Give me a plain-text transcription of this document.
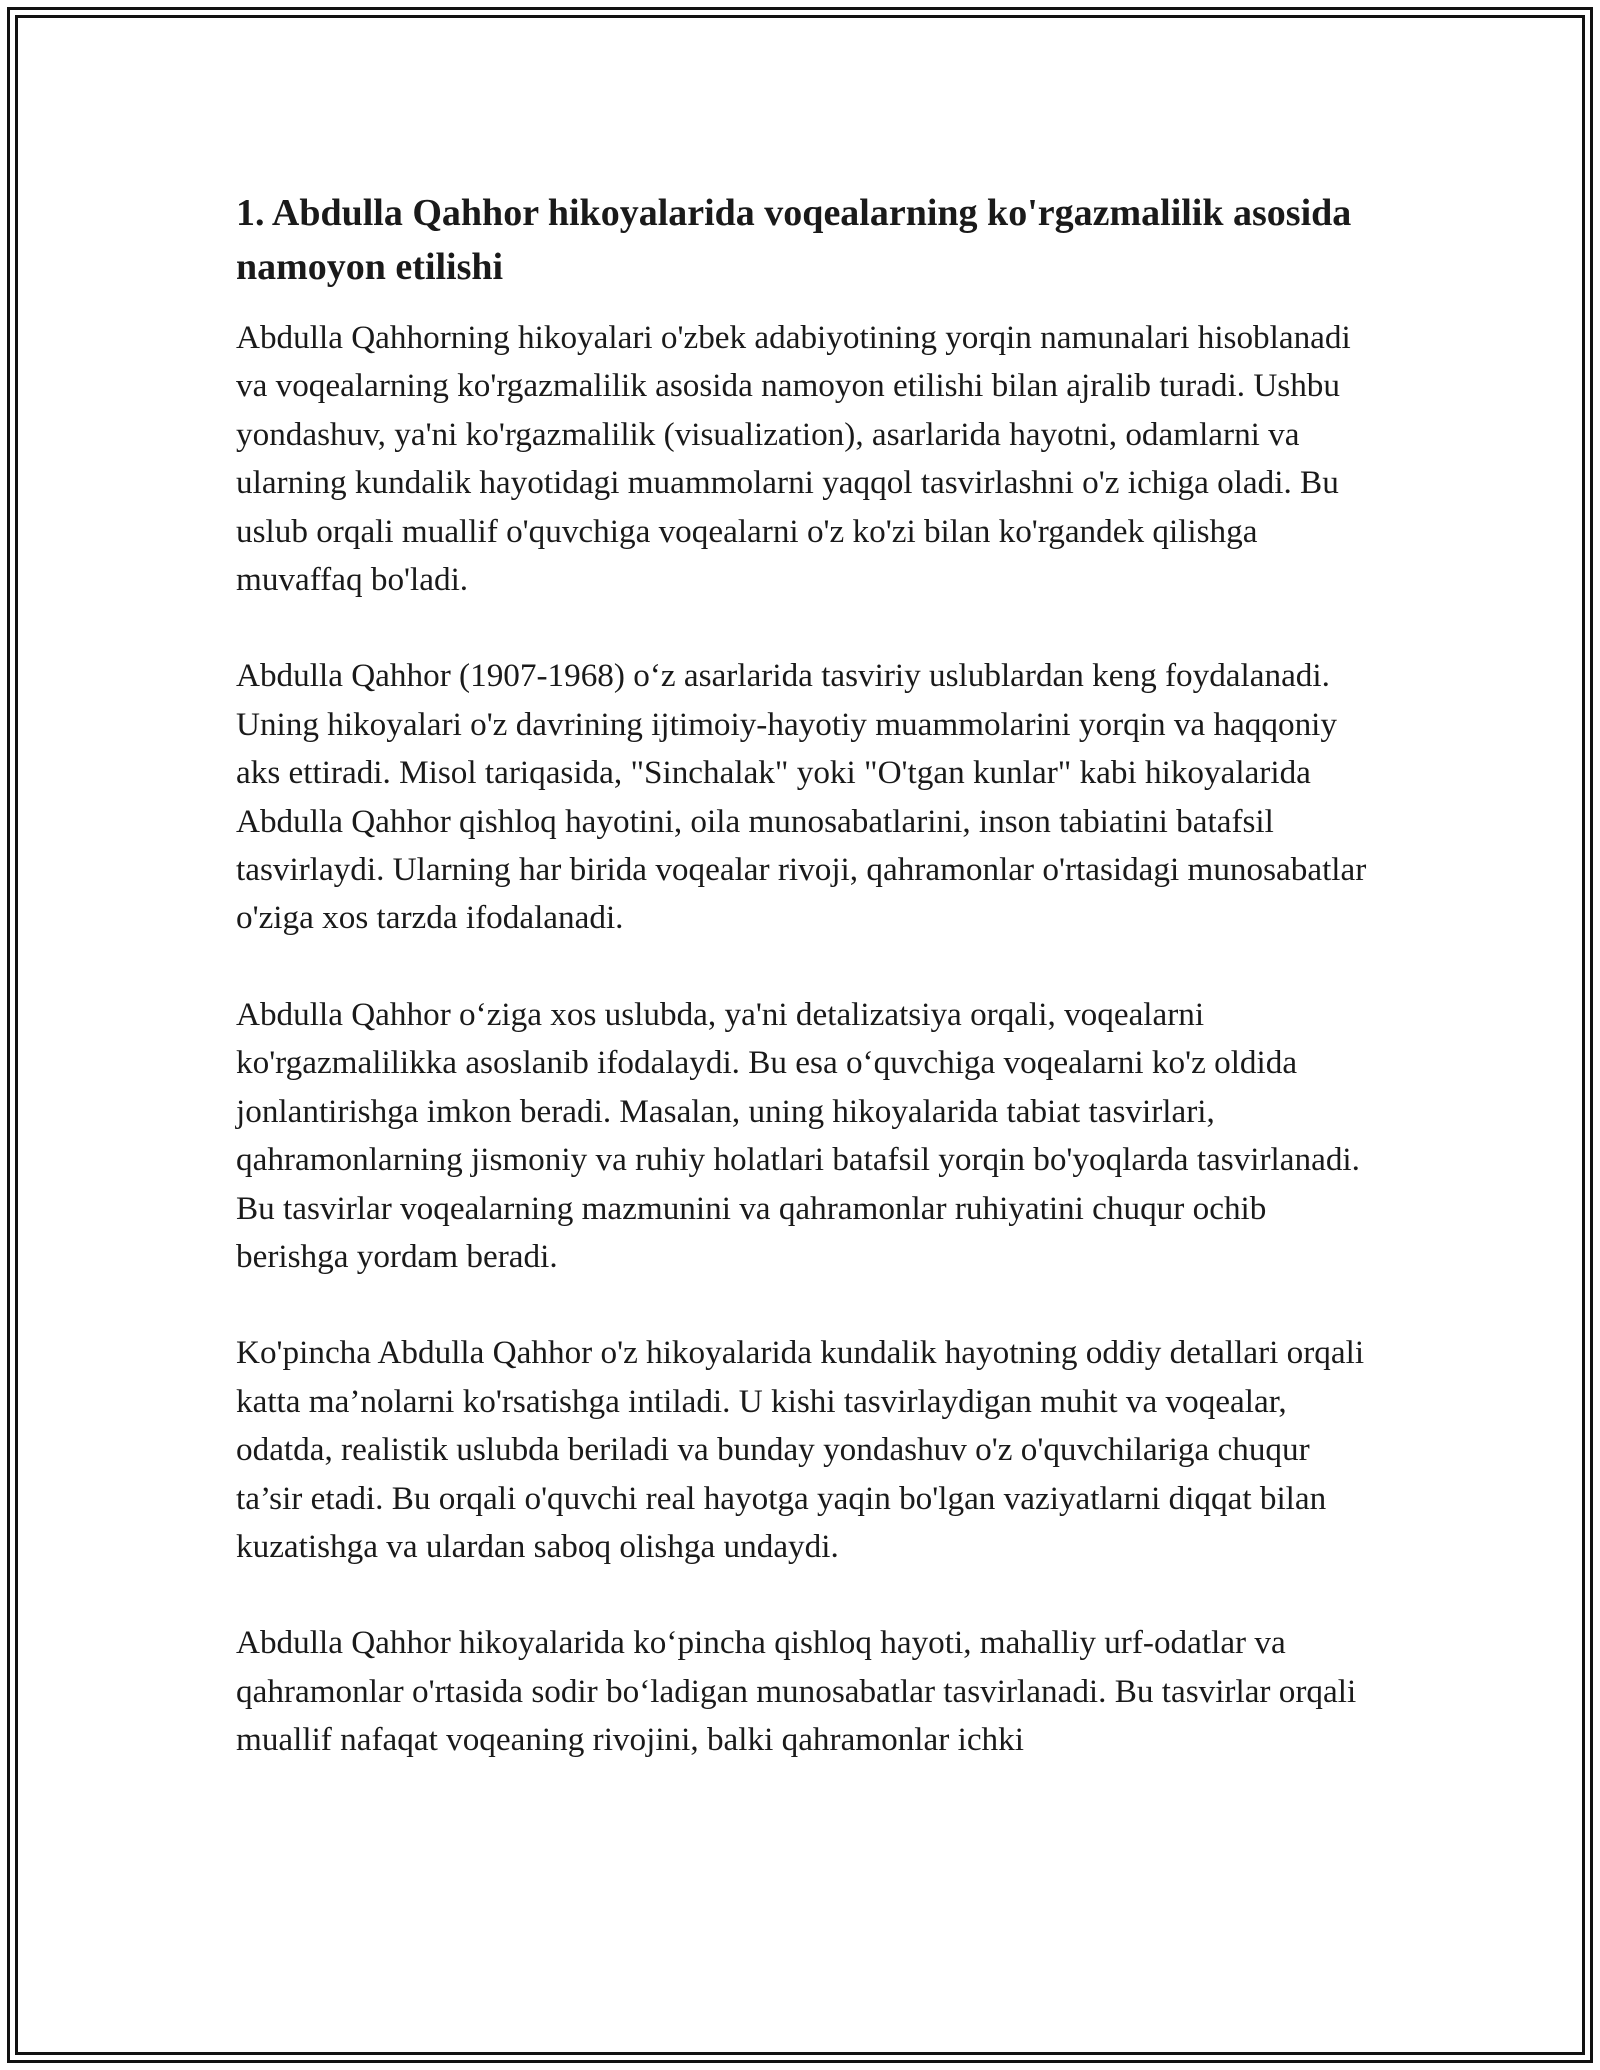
1. Abdulla Qahhor hikoyalarida voqealarning ko'rgazmalilik asosida namoyon etilishi

Abdulla Qahhorning hikoyalari o'zbek adabiyotining yorqin namunalari hisoblanadi va voqealarning ko'rgazmalilik asosida namoyon etilishi bilan ajralib turadi. Ushbu yondashuv, ya'ni ko'rgazmalilik (visualization), asarlarida hayotni, odamlarni va ularning kundalik hayotidagi muammolarni yaqqol tasvirlashni o'z ichiga oladi. Bu uslub orqali muallif o'quvchiga voqealarni o'z ko'zi bilan ko'rgandek qilishga muvaffaq bo'ladi.

Abdulla Qahhor (1907-1968) o‘z asarlarida tasviriy uslublardan keng foydalanadi. Uning hikoyalari o'z davrining ijtimoiy-hayotiy muammolarini yorqin va haqqoniy aks ettiradi. Misol tariqasida, "Sinchalak" yoki "O'tgan kunlar" kabi hikoyalarida Abdulla Qahhor qishloq hayotini, oila munosabatlarini, inson tabiatini batafsil tasvirlaydi. Ularning har birida voqealar rivoji, qahramonlar o'rtasidagi munosabatlar o'ziga xos tarzda ifodalanadi.

Abdulla Qahhor o‘ziga xos uslubda, ya'ni detalizatsiya orqali, voqealarni ko'rgazmalilikka asoslanib ifodalaydi. Bu esa o‘quvchiga voqealarni ko'z oldida jonlantirishga imkon beradi. Masalan, uning hikoyalarida tabiat tasvirlari, qahramonlarning jismoniy va ruhiy holatlari batafsil yorqin bo'yoqlarda tasvirlanadi. Bu tasvirlar voqealarning mazmunini va qahramonlar ruhiyatini chuqur ochib berishga yordam beradi.

Ko'pincha Abdulla Qahhor o'z hikoyalarida kundalik hayotning oddiy detallari orqali katta ma’nolarni ko'rsatishga intiladi. U kishi tasvirlaydigan muhit va voqealar, odatda, realistik uslubda beriladi va bunday yondashuv o'z o'quvchilariga chuqur ta’sir etadi. Bu orqali o'quvchi real hayotga yaqin bo'lgan vaziyatlarni diqqat bilan kuzatishga va ulardan saboq olishga undaydi.

Abdulla Qahhor hikoyalarida ko‘pincha qishloq hayoti, mahalliy urf-odatlar va qahramonlar o'rtasida sodir bo‘ladigan munosabatlar tasvirlanadi. Bu tasvirlar orqali muallif nafaqat voqeaning rivojini, balki qahramonlar ichki
